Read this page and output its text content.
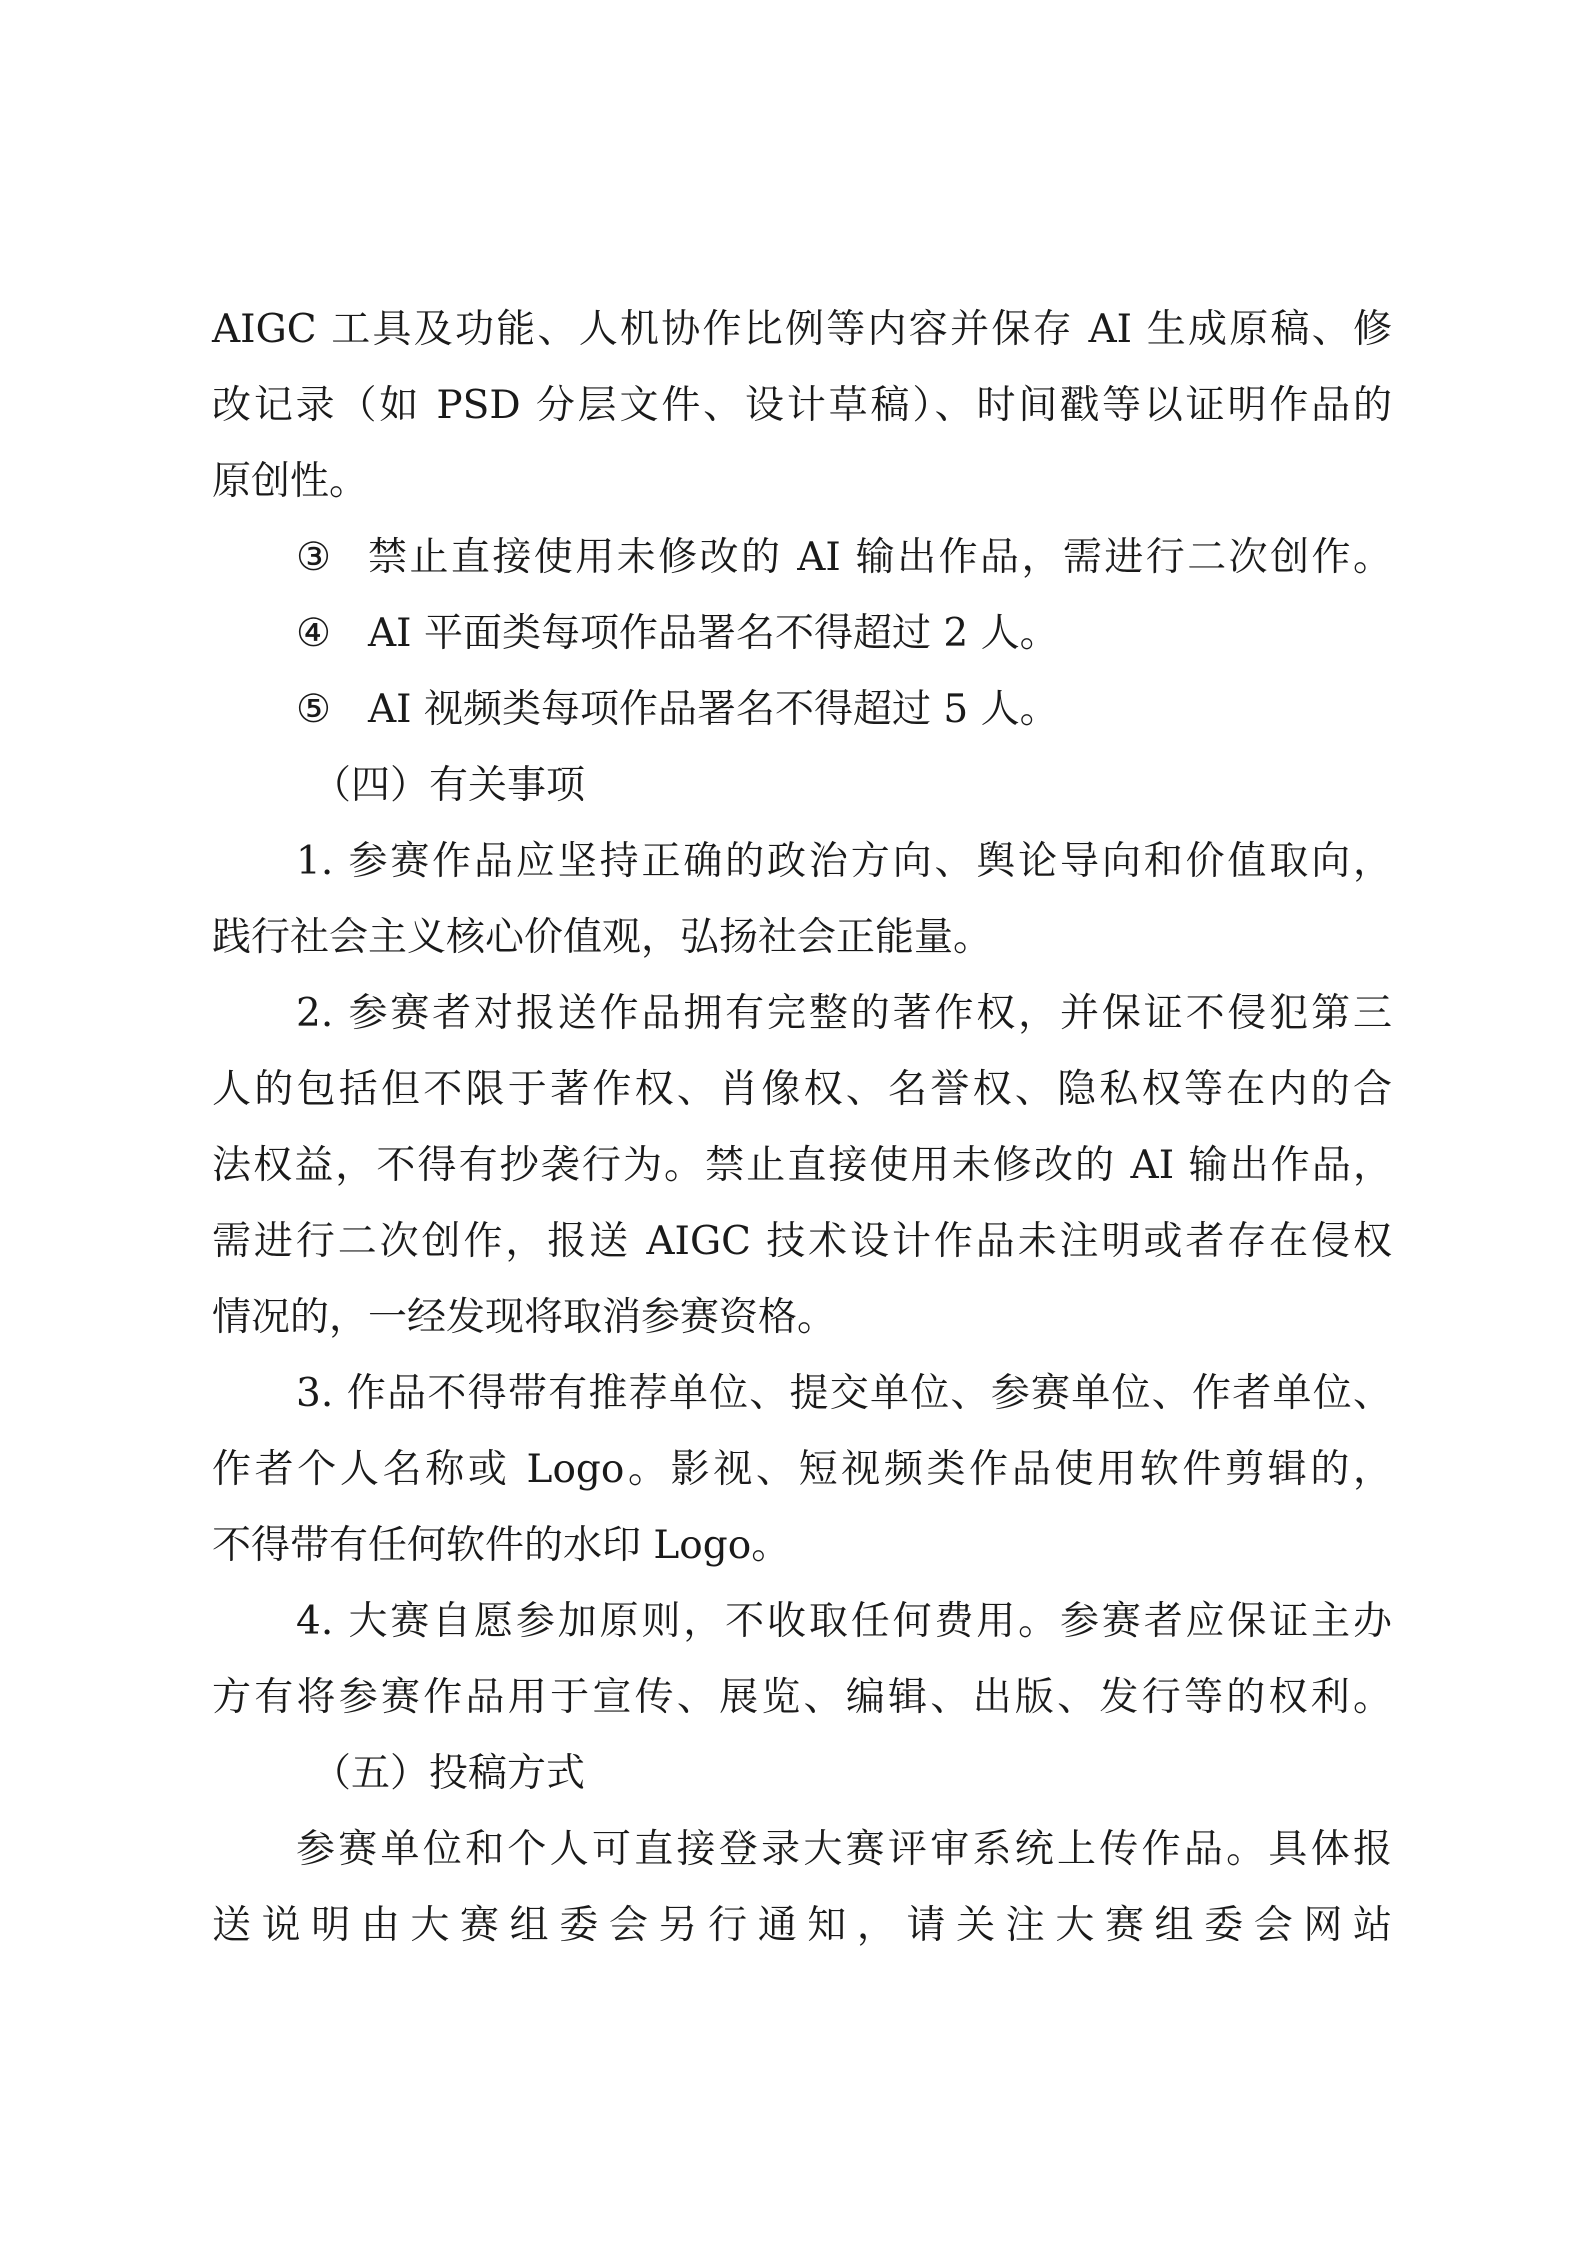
AIGC 工具及功能、人机协作比例等内容并保存 AI 生成原稿、修
改记录（如 PSD 分层文件、设计草稿）、时间戳等以证明作品的
原创性。
③ 禁止直接使用未修改的 AI 输出作品，需进行二次创作。
④ AI 平面类每项作品署名不得超过 2 人。
⑤ AI 视频类每项作品署名不得超过 5 人。
（四）有关事项
1. 参赛作品应坚持正确的政治方向、舆论导向和价值取向，
践行社会主义核心价值观，弘扬社会正能量。
2. 参赛者对报送作品拥有完整的著作权，并保证不侵犯第三
人的包括但不限于著作权、肖像权、名誉权、隐私权等在内的合
法权益，不得有抄袭行为。禁止直接使用未修改的 AI 输出作品，
需进行二次创作，报送 AIGC 技术设计作品未注明或者存在侵权
情况的，一经发现将取消参赛资格。
3. 作品不得带有推荐单位、提交单位、参赛单位、作者单位、
作者个人名称或 Logo。影视、短视频类作品使用软件剪辑的，
不得带有任何软件的水印 Logo。
4. 大赛自愿参加原则，不收取任何费用。参赛者应保证主办
方有将参赛作品用于宣传、展览、编辑、出版、发行等的权利。
（五）投稿方式
参赛单位和个人可直接登录大赛评审系统上传作品。具体报
送说明由大赛组委会另行通知，请关注大赛组委会网站
